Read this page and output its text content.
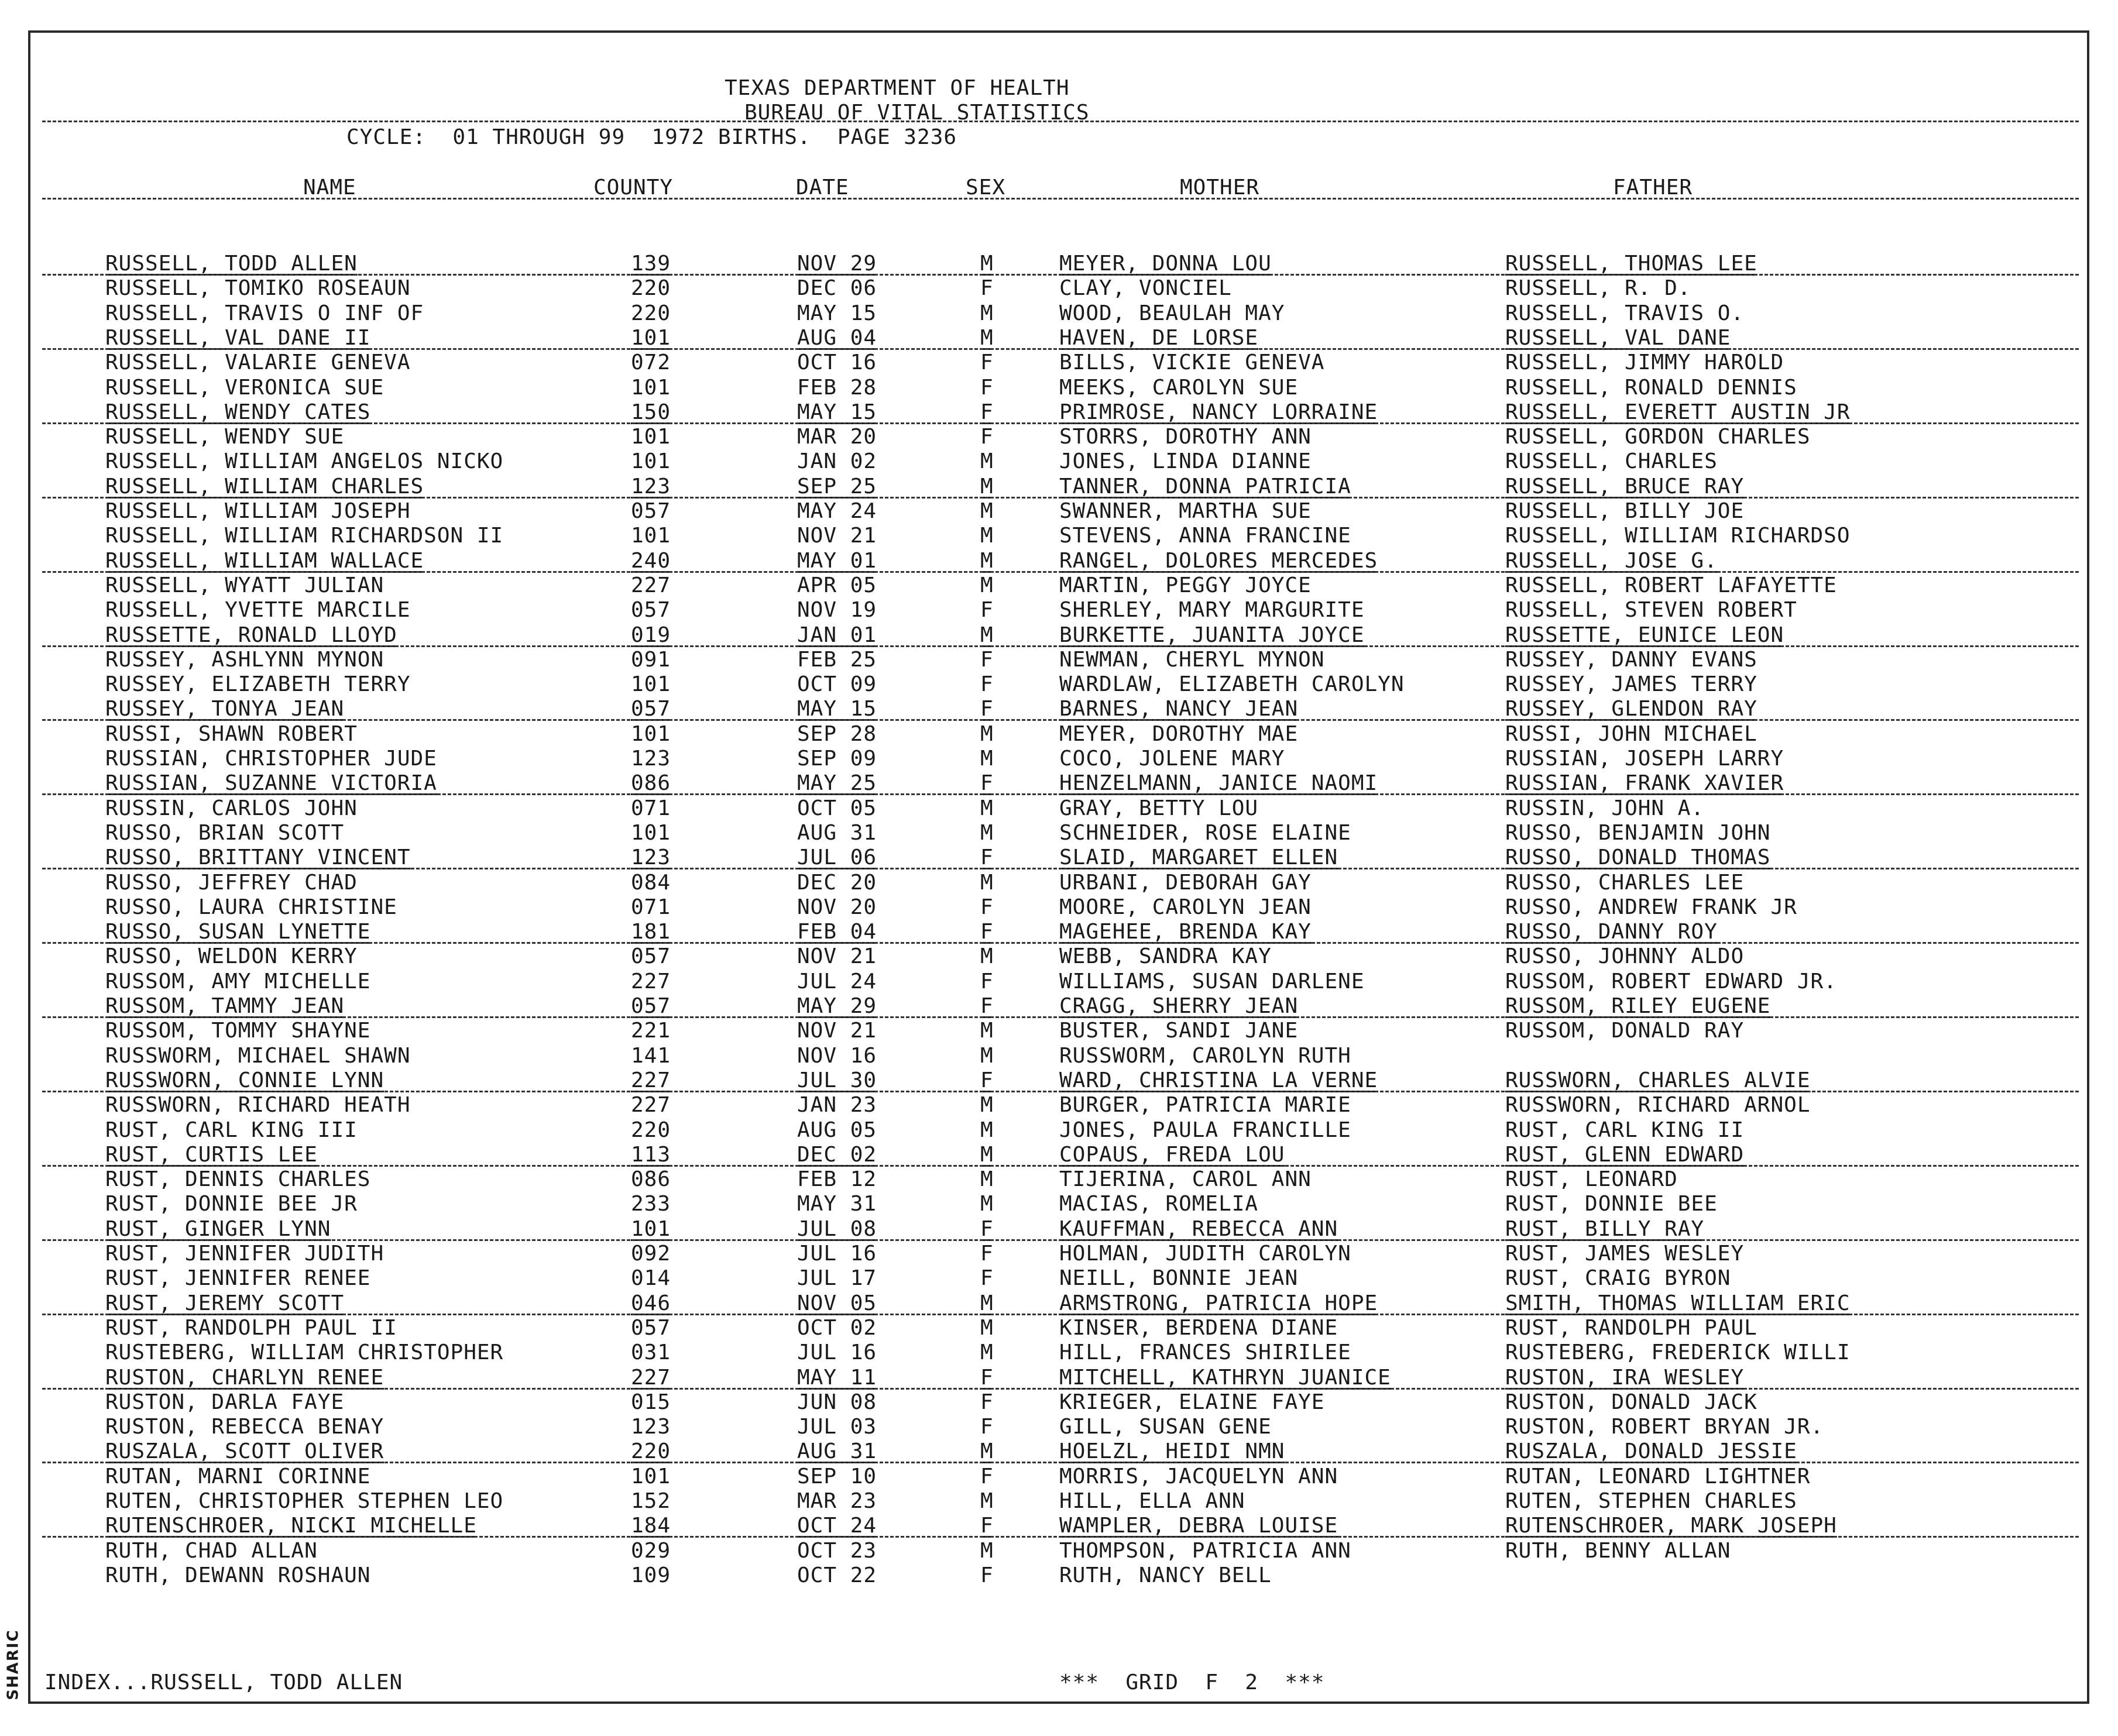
SHARIC
TEXAS DEPARTMENT OF HEALTH
BUREAU OF VITAL STATISTICS
CYCLE:  01 THROUGH 99  1972 BIRTHS.  PAGE 3236
NAME	COUNTY	DATE	SEX	MOTHER	FATHER
RUSSELL, TODD ALLEN	139	NOV 29	M	MEYER, DONNA LOU	RUSSELL, THOMAS LEE
RUSSELL, TOMIKO ROSEAUN	220	DEC 06	F	CLAY, VONCIEL	RUSSELL, R. D.
RUSSELL, TRAVIS O INF OF	220	MAY 15	M	WOOD, BEAULAH MAY	RUSSELL, TRAVIS O.
RUSSELL, VAL DANE II	101	AUG 04	M	HAVEN, DE LORSE	RUSSELL, VAL DANE
RUSSELL, VALARIE GENEVA	072	OCT 16	F	BILLS, VICKIE GENEVA	RUSSELL, JIMMY HAROLD
RUSSELL, VERONICA SUE	101	FEB 28	F	MEEKS, CAROLYN SUE	RUSSELL, RONALD DENNIS
RUSSELL, WENDY CATES	150	MAY 15	F	PRIMROSE, NANCY LORRAINE	RUSSELL, EVERETT AUSTIN JR
RUSSELL, WENDY SUE	101	MAR 20	F	STORRS, DOROTHY ANN	RUSSELL, GORDON CHARLES
RUSSELL, WILLIAM ANGELOS NICKO	101	JAN 02	M	JONES, LINDA DIANNE	RUSSELL, CHARLES
RUSSELL, WILLIAM CHARLES	123	SEP 25	M	TANNER, DONNA PATRICIA	RUSSELL, BRUCE RAY
RUSSELL, WILLIAM JOSEPH	057	MAY 24	M	SWANNER, MARTHA SUE	RUSSELL, BILLY JOE
RUSSELL, WILLIAM RICHARDSON II	101	NOV 21	M	STEVENS, ANNA FRANCINE	RUSSELL, WILLIAM RICHARDSO
RUSSELL, WILLIAM WALLACE	240	MAY 01	M	RANGEL, DOLORES MERCEDES	RUSSELL, JOSE G.
RUSSELL, WYATT JULIAN	227	APR 05	M	MARTIN, PEGGY JOYCE	RUSSELL, ROBERT LAFAYETTE
RUSSELL, YVETTE MARCILE	057	NOV 19	F	SHERLEY, MARY MARGURITE	RUSSELL, STEVEN ROBERT
RUSSETTE, RONALD LLOYD	019	JAN 01	M	BURKETTE, JUANITA JOYCE	RUSSETTE, EUNICE LEON
RUSSEY, ASHLYNN MYNON	091	FEB 25	F	NEWMAN, CHERYL MYNON	RUSSEY, DANNY EVANS
RUSSEY, ELIZABETH TERRY	101	OCT 09	F	WARDLAW, ELIZABETH CAROLYN	RUSSEY, JAMES TERRY
RUSSEY, TONYA JEAN	057	MAY 15	F	BARNES, NANCY JEAN	RUSSEY, GLENDON RAY
RUSSI, SHAWN ROBERT	101	SEP 28	M	MEYER, DOROTHY MAE	RUSSI, JOHN MICHAEL
RUSSIAN, CHRISTOPHER JUDE	123	SEP 09	M	COCO, JOLENE MARY	RUSSIAN, JOSEPH LARRY
RUSSIAN, SUZANNE VICTORIA	086	MAY 25	F	HENZELMANN, JANICE NAOMI	RUSSIAN, FRANK XAVIER
RUSSIN, CARLOS JOHN	071	OCT 05	M	GRAY, BETTY LOU	RUSSIN, JOHN A.
RUSSO, BRIAN SCOTT	101	AUG 31	M	SCHNEIDER, ROSE ELAINE	RUSSO, BENJAMIN JOHN
RUSSO, BRITTANY VINCENT	123	JUL 06	F	SLAID, MARGARET ELLEN	RUSSO, DONALD THOMAS
RUSSO, JEFFREY CHAD	084	DEC 20	M	URBANI, DEBORAH GAY	RUSSO, CHARLES LEE
RUSSO, LAURA CHRISTINE	071	NOV 20	F	MOORE, CAROLYN JEAN	RUSSO, ANDREW FRANK JR
RUSSO, SUSAN LYNETTE	181	FEB 04	F	MAGEHEE, BRENDA KAY	RUSSO, DANNY ROY
RUSSO, WELDON KERRY	057	NOV 21	M	WEBB, SANDRA KAY	RUSSO, JOHNNY ALDO
RUSSOM, AMY MICHELLE	227	JUL 24	F	WILLIAMS, SUSAN DARLENE	RUSSOM, ROBERT EDWARD JR.
RUSSOM, TAMMY JEAN	057	MAY 29	F	CRAGG, SHERRY JEAN	RUSSOM, RILEY EUGENE
RUSSOM, TOMMY SHAYNE	221	NOV 21	M	BUSTER, SANDI JANE	RUSSOM, DONALD RAY
RUSSWORM, MICHAEL SHAWN	141	NOV 16	M	RUSSWORM, CAROLYN RUTH
RUSSWORN, CONNIE LYNN	227	JUL 30	F	WARD, CHRISTINA LA VERNE	RUSSWORN, CHARLES ALVIE
RUSSWORN, RICHARD HEATH	227	JAN 23	M	BURGER, PATRICIA MARIE	RUSSWORN, RICHARD ARNOL
RUST, CARL KING III	220	AUG 05	M	JONES, PAULA FRANCILLE	RUST, CARL KING II
RUST, CURTIS LEE	113	DEC 02	M	COPAUS, FREDA LOU	RUST, GLENN EDWARD
RUST, DENNIS CHARLES	086	FEB 12	M	TIJERINA, CAROL ANN	RUST, LEONARD
RUST, DONNIE BEE JR	233	MAY 31	M	MACIAS, ROMELIA	RUST, DONNIE BEE
RUST, GINGER LYNN	101	JUL 08	F	KAUFFMAN, REBECCA ANN	RUST, BILLY RAY
RUST, JENNIFER JUDITH	092	JUL 16	F	HOLMAN, JUDITH CAROLYN	RUST, JAMES WESLEY
RUST, JENNIFER RENEE	014	JUL 17	F	NEILL, BONNIE JEAN	RUST, CRAIG BYRON
RUST, JEREMY SCOTT	046	NOV 05	M	ARMSTRONG, PATRICIA HOPE	SMITH, THOMAS WILLIAM ERIC
RUST, RANDOLPH PAUL II	057	OCT 02	M	KINSER, BERDENA DIANE	RUST, RANDOLPH PAUL
RUSTEBERG, WILLIAM CHRISTOPHER	031	JUL 16	M	HILL, FRANCES SHIRILEE	RUSTEBERG, FREDERICK WILLI
RUSTON, CHARLYN RENEE	227	MAY 11	F	MITCHELL, KATHRYN JUANICE	RUSTON, IRA WESLEY
RUSTON, DARLA FAYE	015	JUN 08	F	KRIEGER, ELAINE FAYE	RUSTON, DONALD JACK
RUSTON, REBECCA BENAY	123	JUL 03	F	GILL, SUSAN GENE	RUSTON, ROBERT BRYAN JR.
RUSZALA, SCOTT OLIVER	220	AUG 31	M	HOELZL, HEIDI NMN	RUSZALA, DONALD JESSIE
RUTAN, MARNI CORINNE	101	SEP 10	F	MORRIS, JACQUELYN ANN	RUTAN, LEONARD LIGHTNER
RUTEN, CHRISTOPHER STEPHEN LEO	152	MAR 23	M	HILL, ELLA ANN	RUTEN, STEPHEN CHARLES
RUTENSCHROER, NICKI MICHELLE	184	OCT 24	F	WAMPLER, DEBRA LOUISE	RUTENSCHROER, MARK JOSEPH
RUTH, CHAD ALLAN	029	OCT 23	M	THOMPSON, PATRICIA ANN	RUTH, BENNY ALLAN
RUTH, DEWANN ROSHAUN	109	OCT 22	F	RUTH, NANCY BELL
INDEX...RUSSELL, TODD ALLEN	***  GRID  F  2  ***
